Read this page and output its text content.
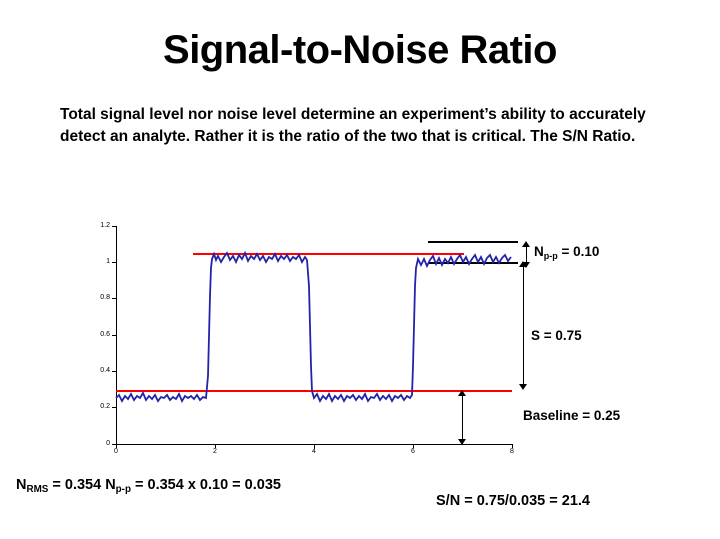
Signal-to-Noise Ratio
Total signal level nor noise level determine an experiment’s ability to accurately detect an analyte. Rather it is the ratio of the two that is critical. The S/N Ratio.
0
0.2
0.4
0.6
0.8
1
1.2
0	2	4	6	8
$N_{p-p} = 0.10$
S = 0.75
Baseline = 0.25
$N_{RMS} = 0.354$ $N_{p-p} = 0.354$ x 0.10 = 0.035
S/N = 0.75/0.035 = 21.4
